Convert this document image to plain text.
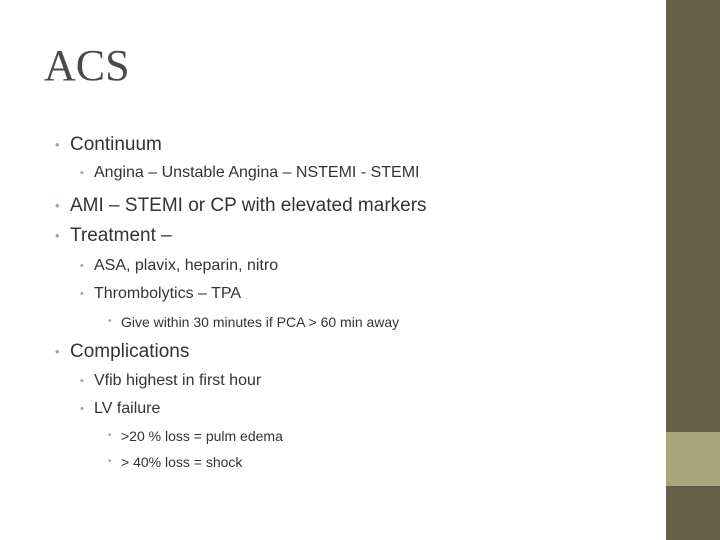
ACS
• Continuum
• Angina – Unstable Angina – NSTEMI - STEMI
• AMI – STEMI or CP with elevated markers
• Treatment –
• ASA, plavix, heparin, nitro
• Thrombolytics – TPA
• Give within 30 minutes if PCA > 60 min away
• Complications
• Vfib highest in first hour
• LV failure
• >20 % loss = pulm edema
• > 40% loss = shock
